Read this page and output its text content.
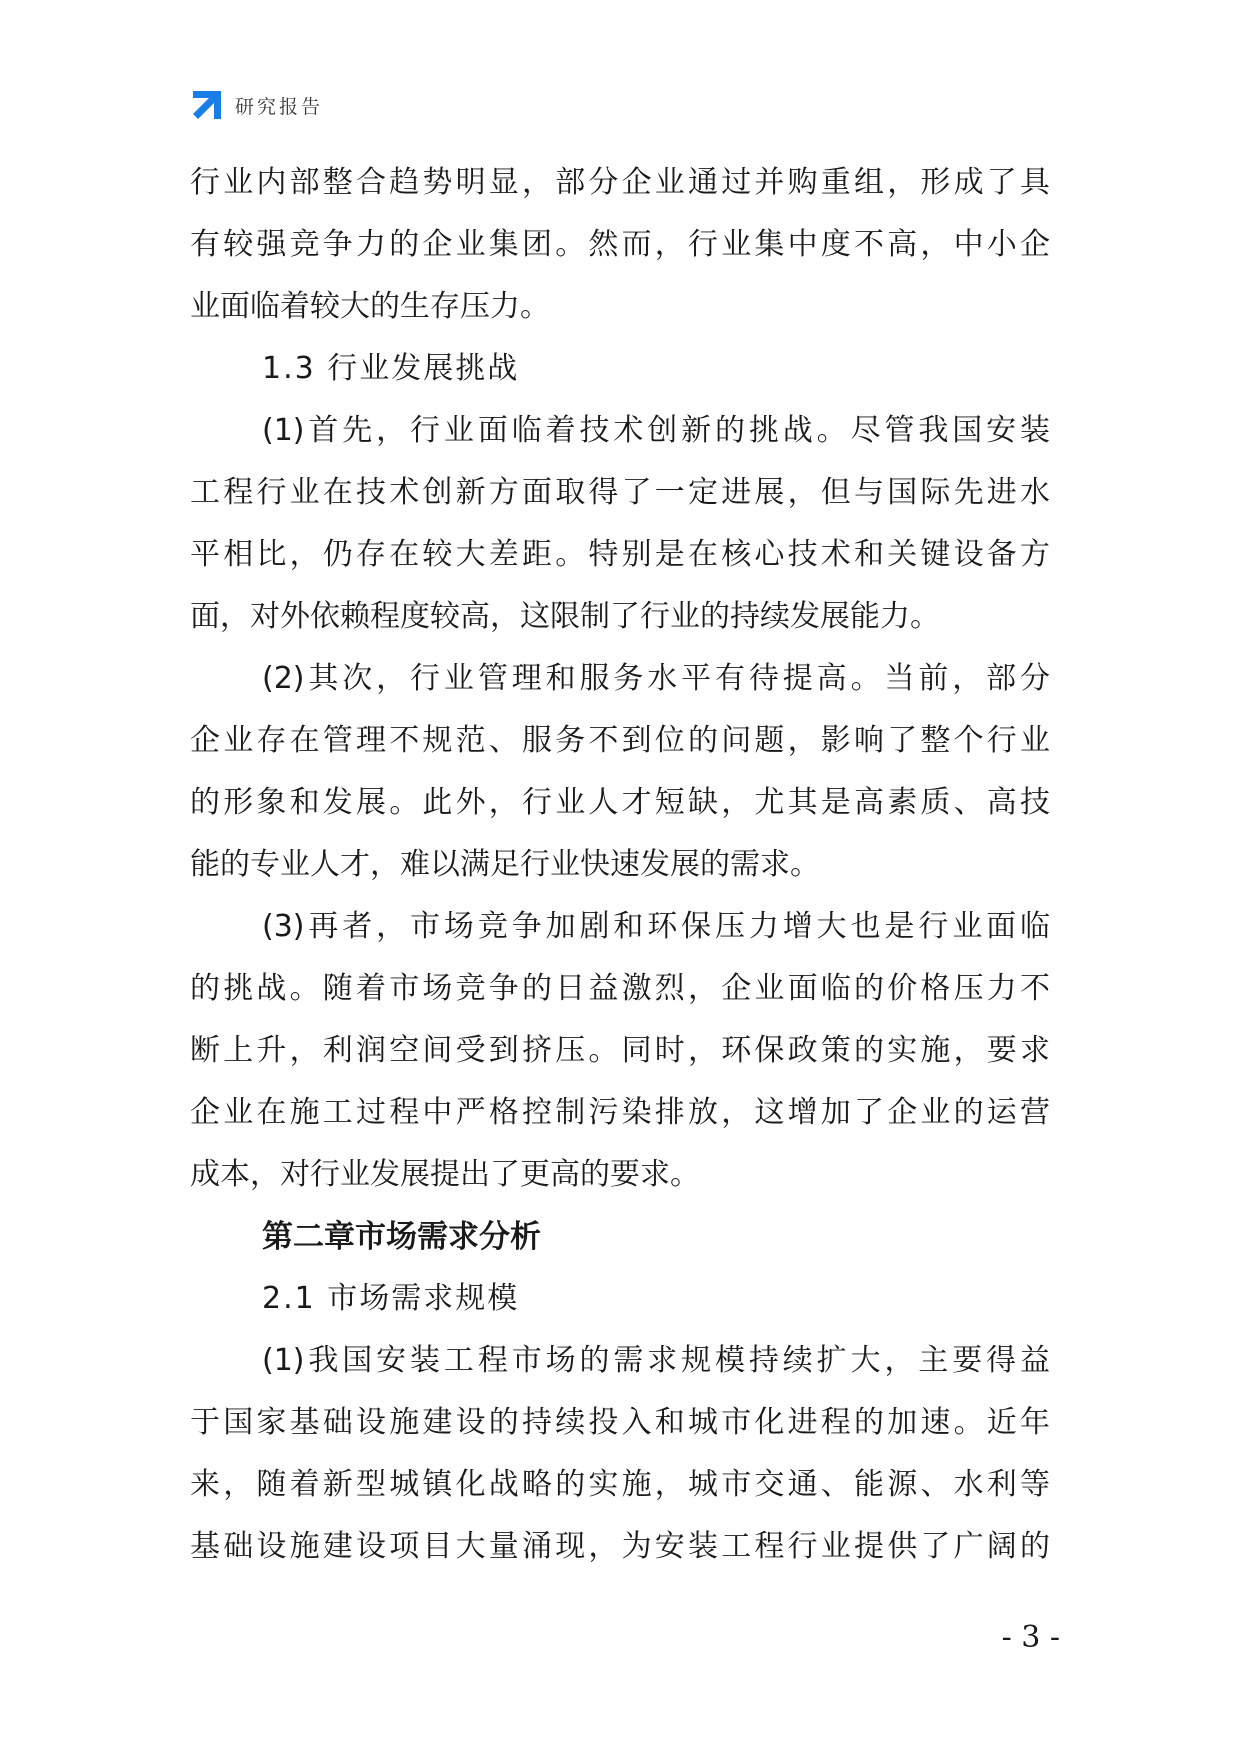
研究报告
行业内部整合趋势明显，部分企业通过并购重组，形成了具
有较强竞争力的企业集团。然而，行业集中度不高，中小企
业面临着较大的生存压力。
1.3 行业发展挑战
(1)首先，行业面临着技术创新的挑战。尽管我国安装
工程行业在技术创新方面取得了一定进展，但与国际先进水
平相比，仍存在较大差距。特别是在核心技术和关键设备方
面，对外依赖程度较高，这限制了行业的持续发展能力。
(2)其次，行业管理和服务水平有待提高。当前，部分
企业存在管理不规范、服务不到位的问题，影响了整个行业
的形象和发展。此外，行业人才短缺，尤其是高素质、高技
能的专业人才，难以满足行业快速发展的需求。
(3)再者，市场竞争加剧和环保压力增大也是行业面临
的挑战。随着市场竞争的日益激烈，企业面临的价格压力不
断上升，利润空间受到挤压。同时，环保政策的实施，要求
企业在施工过程中严格控制污染排放，这增加了企业的运营
成本，对行业发展提出了更高的要求。
第二章市场需求分析
2.1 市场需求规模
(1)我国安装工程市场的需求规模持续扩大，主要得益
于国家基础设施建设的持续投入和城市化进程的加速。近年
来，随着新型城镇化战略的实施，城市交通、能源、水利等
基础设施建设项目大量涌现，为安装工程行业提供了广阔的
- 3 -
